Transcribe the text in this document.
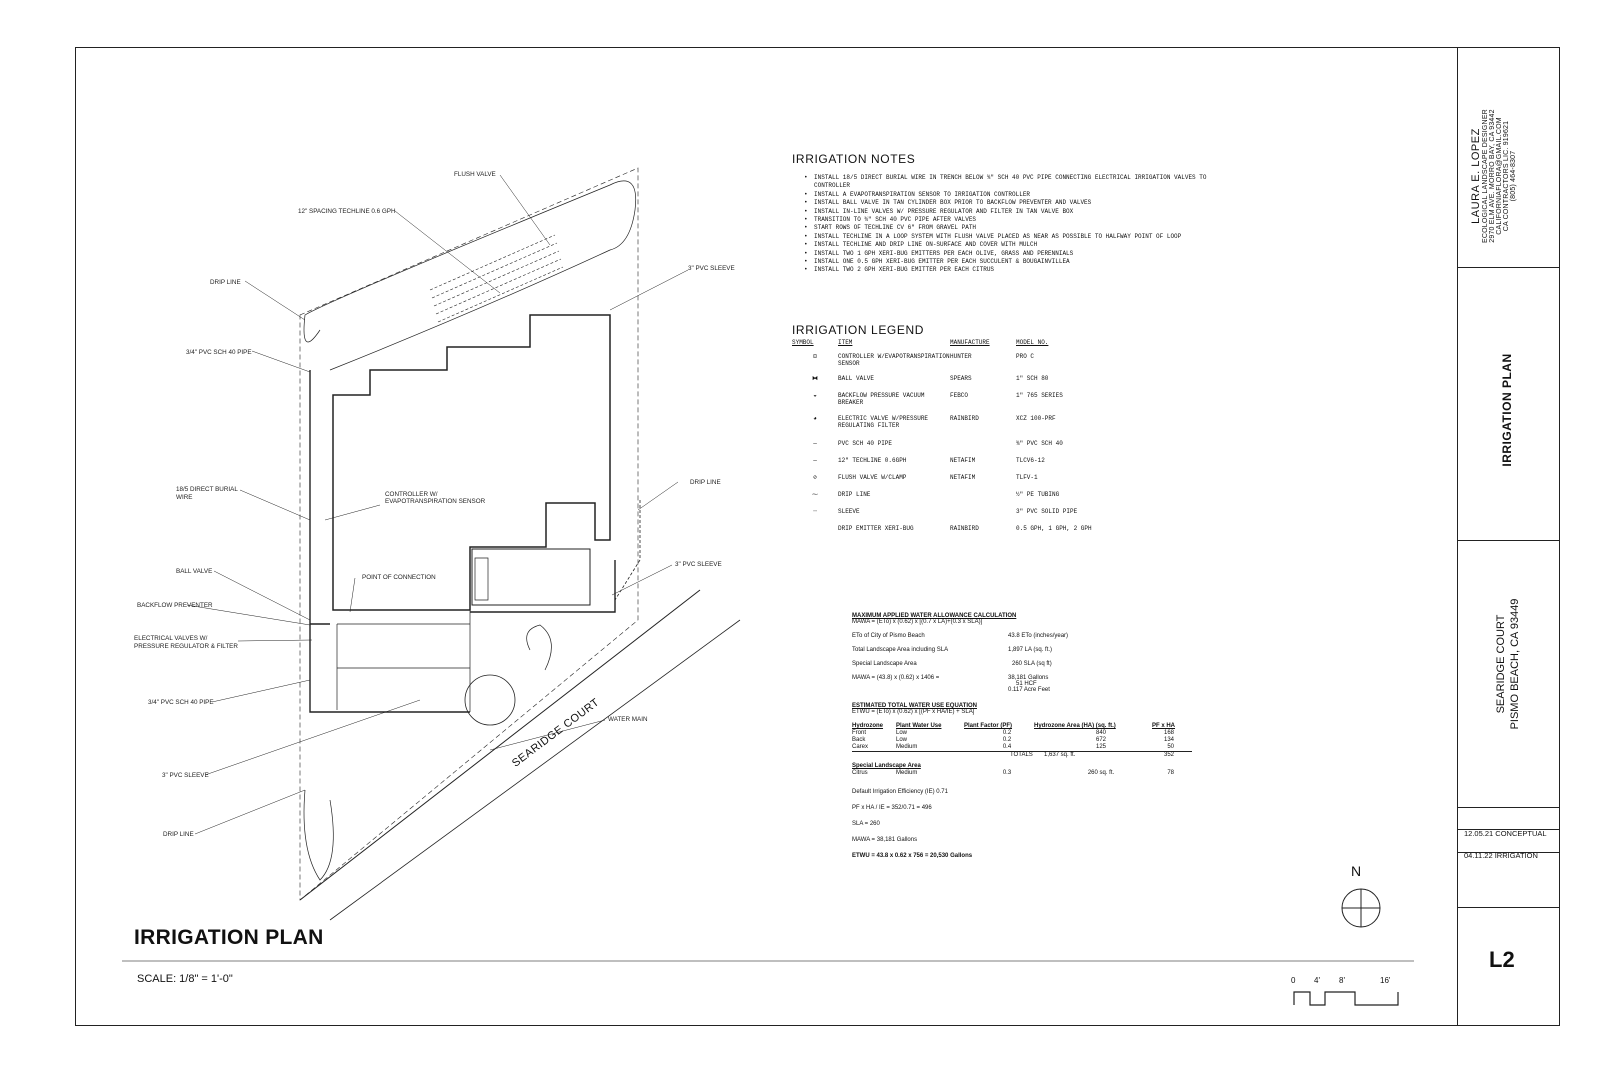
LAURA E. LOPEZ ECOLOGICAL LANDSCAPE DESIGNER 2970 ELM AVE. MORRO BAY, CA 93442 CALIFORNIAFLORA@GMAIL.COM CA CONTRACTORS LIC. 919621 (805) 464-8307
IRRIGATION PLAN
SEARIDGE COURT PISMO BEACH, CA 93449
12.05.21 CONCEPTUAL
04.11.22 IRRIGATION
L2
FLUSH VALVE
12" SPACING TECHLINE 0.6 GPH
DRIP LINE
3" PVC SLEEVE
3/4" PVC SCH 40 PIPE
18/5 DIRECT BURIAL
WIRE	CONTROLLER W/
EVAPOTRANSPIRATION SENSOR
DRIP LINE
BALL VALVE
POINT OF CONNECTION
3" PVC SLEEVE
BACKFLOW PREVENTER
ELECTRICAL VALVES W/
PRESSURE REGULATOR & FILTER
3/4" PVC SCH 40 PIPE
WATER MAIN
3" PVC SLEEVE
DRIP LINE
SEARIDGE COURT
N
0 4' 8'	16'
IRRIGATION PLAN
SCALE: 1/8" = 1'-0"
IRRIGATION NOTES
• INSTALL 18/5 DIRECT BURIAL WIRE IN TRENCH BELOW ¾" SCH 40 PVC PIPE CONNECTING ELECTRICAL IRRIGATION VALVES TO CONTROLLER
• INSTALL A EVAPOTRANSPIRATION SENSOR TO IRRIGATION CONTROLLER
• INSTALL BALL VALVE IN TAN CYLINDER BOX PRIOR TO BACKFLOW PREVENTER AND VALVES
• INSTALL IN-LINE VALVES W/ PRESSURE REGULATOR AND FILTER IN TAN VALVE BOX
• TRANSITION TO ¾" SCH 40 PVC PIPE AFTER VALVES
• START ROWS OF TECHLINE CV 6" FROM GRAVEL PATH
• INSTALL TECHLINE IN A LOOP SYSTEM WITH FLUSH VALVE PLACED AS NEAR AS POSSIBLE TO HALFWAY POINT OF LOOP
• INSTALL TECHLINE AND DRIP LINE ON-SURFACE AND COVER WITH MULCH
• INSTALL TWO 1 GPH XERI-BUG EMITTERS PER EACH OLIVE, GRASS AND PERENNIALS
• INSTALL ONE 0.5 GPH XERI-BUG EMITTER PER EACH SUCCULENT & BOUGAINVILLEA
• INSTALL TWO 2 GPH XERI-BUG EMITTER PER EACH CITRUS
IRRIGATION LEGEND
SYMBOL	ITEM	MANUFACTURE	MODEL NO.
⊡	CONTROLLER W/EVAPOTRANSPIRATION SENSOR
HUNTER	PRO C
⧓	BALL VALVE	SPEARS	1" SCH 80
◒	BACKFLOW PRESSURE VACUUM BREAKER
FEBCO	1" 765 SERIES
◕	ELECTRIC VALVE W/PRESSURE REGULATING FILTER
RAINBIRD	XCZ 100-PRF
—	PVC SCH 40 PIPE	¾" PVC SCH 40
—	12" TECHLINE 0.6GPH	NETAFIM	TLCV6-12
⊘	FLUSH VALVE W/CLAMP	NETAFIM	TLFV-1
⁓	DRIP LINE	½" PE TUBING
┄	SLEEVE	3" PVC SOLID PIPE
DRIP EMITTER XERI-BUG	RAINBIRD	0.5 GPH, 1 GPH, 2 GPH
MAXIMUM APPLIED WATER ALLOWANCE CALCULATION
MAWA = (ETo) x (0.62) x [(0.7 x LA)+(0.3 x SLA)]
ETo of City of Pismo Beach	43.8 ETo (inches/year)
Total Landscape Area including SLA	1,897 LA (sq. ft.)
Special Landscape Area	260 SLA (sq ft)
MAWA = (43.8) x (0.62) x 1406 =	38,181 Gallons
51 HCF
0.117 Acre Feet
ESTIMATED TOTAL WATER USE EQUATION
ETWU = (ETo) x (0.62) x [(PF x HA/IE) + SLA]
Hydrozone	Plant Water Use	Plant Factor (PF)	Hydrozone Area (HA) (sq. ft.)	PF x HA
Front	Low	0.2	840	168
Back	Low	0.2	672	134
Carex	Medium	0.4	125	50
TOTALS	1,637 sq. ft.	352
Special Landscape Area
Citrus	Medium	0.3	260 sq. ft.	78
Default Irrigation Efficiency (IE) 0.71
PF x HA / IE = 352/0.71 = 496
SLA = 260
MAWA = 38,181 Gallons
ETWU = 43.8 x 0.62 x 756 = 20,530 Gallons
